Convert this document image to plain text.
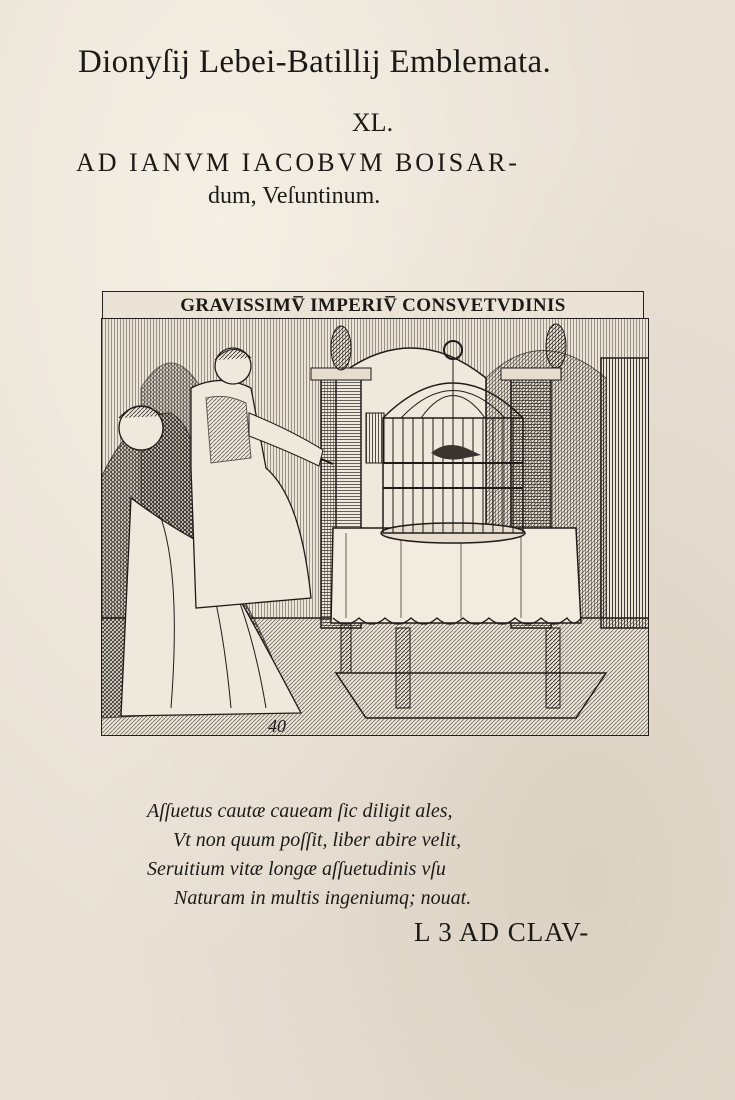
Dionyſij Lebei-Batillij Emblemata.
XL.
AD IANVM IACOBVM BOISAR-
dum, Veſuntinum.
GRAVISSIMV̅ IMPERIV̅ CONSVETVDINIS
40
Aſſuetus cautæ caueam ſic diligit ales,
Vt non quum poſſit, liber abire velit,
Seruitium vitæ longæ aſſuetudinis vſu
Naturam in multis ingeniumq; nouat.
L 3 AD CLAV-
